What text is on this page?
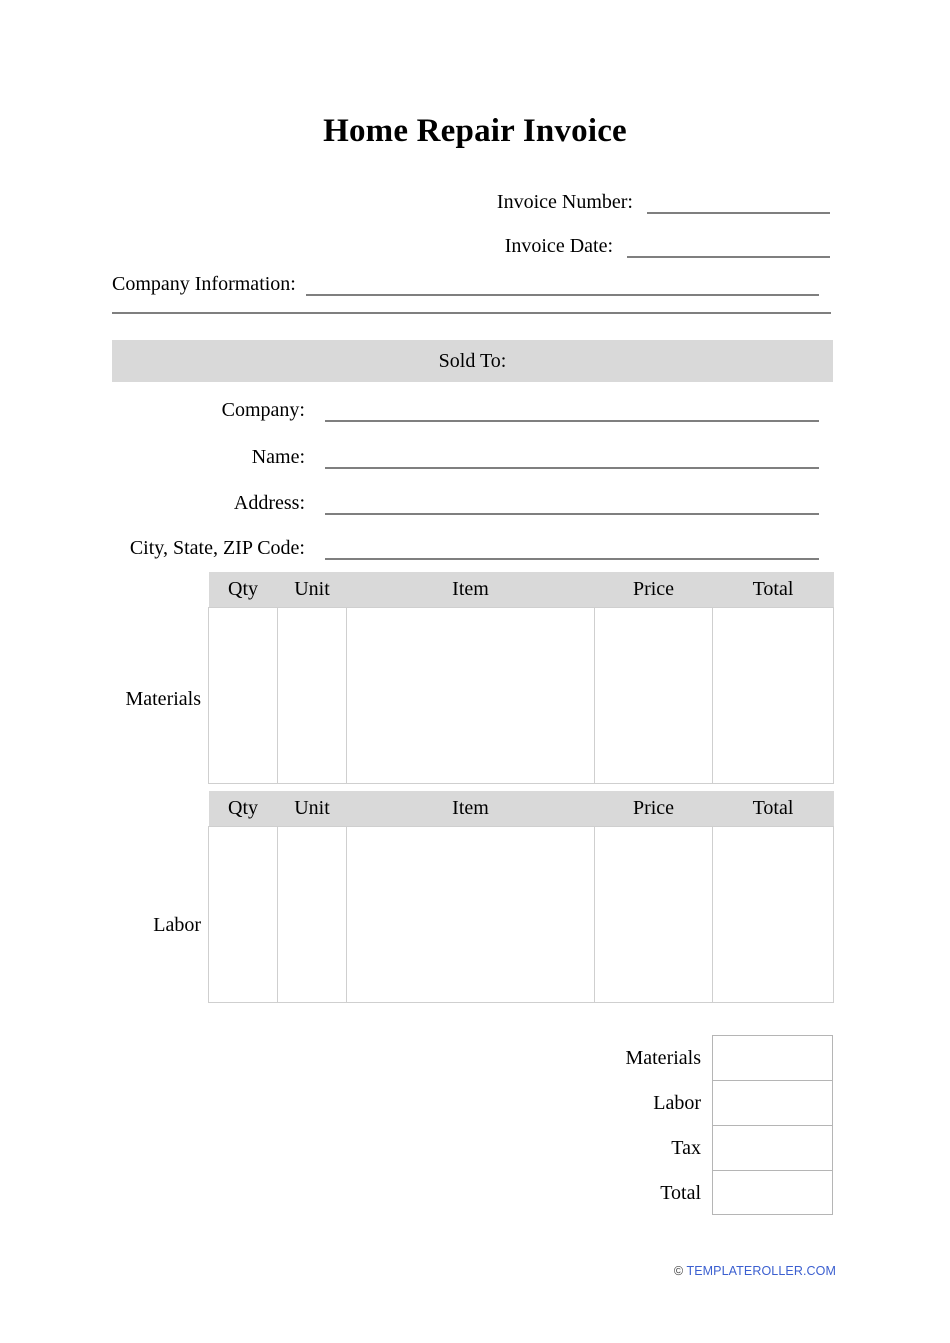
Home Repair Invoice
Invoice Number:
Invoice Date:
Company Information:
Sold To:
Company:
Name:
Address:
City, State, ZIP Code:
Materials
Labor
Qty	Unit	Item	Price	Total

Qty	Unit	Item	Price	Total

Materials
Labor
Tax
Total
© TEMPLATEROLLER.COM
